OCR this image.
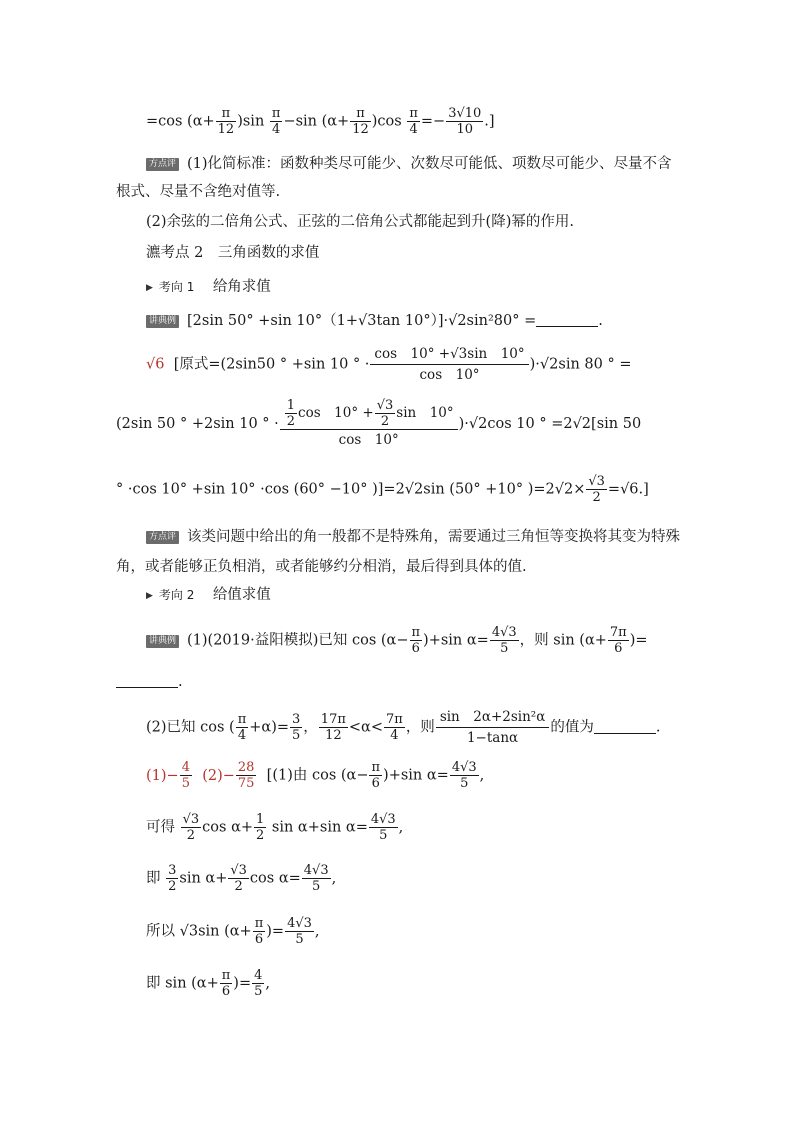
=cos $(\alpha+ \frac{\pi}{12} )\sin \frac{\pi}{4} -\sin$ $(\alpha+ \frac{\pi}{12} )\cos \frac{\pi}{4} =- \frac{3√10}{10}$ .]
方点评 (1)化简标准：函数种类尽可能少、次数尽可能低、项数尽可能少、尽量不含根式、尽量不含绝对值等.
(2)余弦的二倍角公式、正弦的二倍角公式都能起到升(降)幂的作用.
瀌考点 2　三角函数的求值
▶ 考向 1 给角求值
讲典例 [2sin 50° +sin 10°（1+√3tan 10°）]·√2sin²80° =	.
√6 [原式=(2sin50 ° +sin 10 ° · $\frac{\cos 10^\circ +√3\sin 10^\circ}{\cos 10^\circ} )\cdot√2\sin$ 80 ° =
(2sin 50 ° +2sin 10 ° · $\frac{\frac{1}{2} \cos 10^\circ + \frac{√3}{2} \sin 10^\circ}{\cos 10^\circ} )\cdot√2\cos$ 10 ° =2√2[sin 50
° ·cos 10° +sin 10° ·cos (60° −10° )]=2√2sin (50° +10° )$=2√2\times \frac{√3}{2} =√6$.]
方点评 该类问题中给出的角一般都不是特殊角，需要通过三角恒等变换将其变为特殊角，或者能够正负相消，或者能够约分相消，最后得到具体的值.
▶ 考向 2 给值求值
讲典例 (1)(2019·益阳模拟)已知 $\cos (\alpha- \frac{\pi}{6} )+\sin$ $\alpha= \frac{4√3}{5}$ ，则 $\sin (\alpha+ \frac{7\pi}{6}$ )=
.
(2)已知 cos ( $\frac{\pi}{4} +\alpha)= \frac{3}{5}$ ， $\frac{17\pi}{12} <\alpha< \frac{7\pi}{4}$ ，则 $\frac{\text{sin　2α+2sin²α}}{1-\tan\alpha}$ 的值为	.
$(1)- \frac{4}{5} (2)- \frac{28}{75} [(1)$由 $\cos (\alpha- \frac{\pi}{6} )+\sin$ $\alpha= \frac{4√3}{5}$ ,
可得 $\frac{√3}{2}$ $\cos \alpha+ \frac{1}{2}$ sin α+sin $\alpha= \frac{4√3}{5}$ ,
即 $\frac{3}{2}$ $\sin \alpha+ \frac{√3}{2}$ $\cos \alpha= \frac{4√3}{5}$ ,
所以 √3sin ($\alpha+ \frac{\pi}{6}$ )= $\frac{4√3}{5}$ ,
即 $\sin (\alpha+ \frac{\pi}{6}$ )= $\frac{4}{5}$ ,
